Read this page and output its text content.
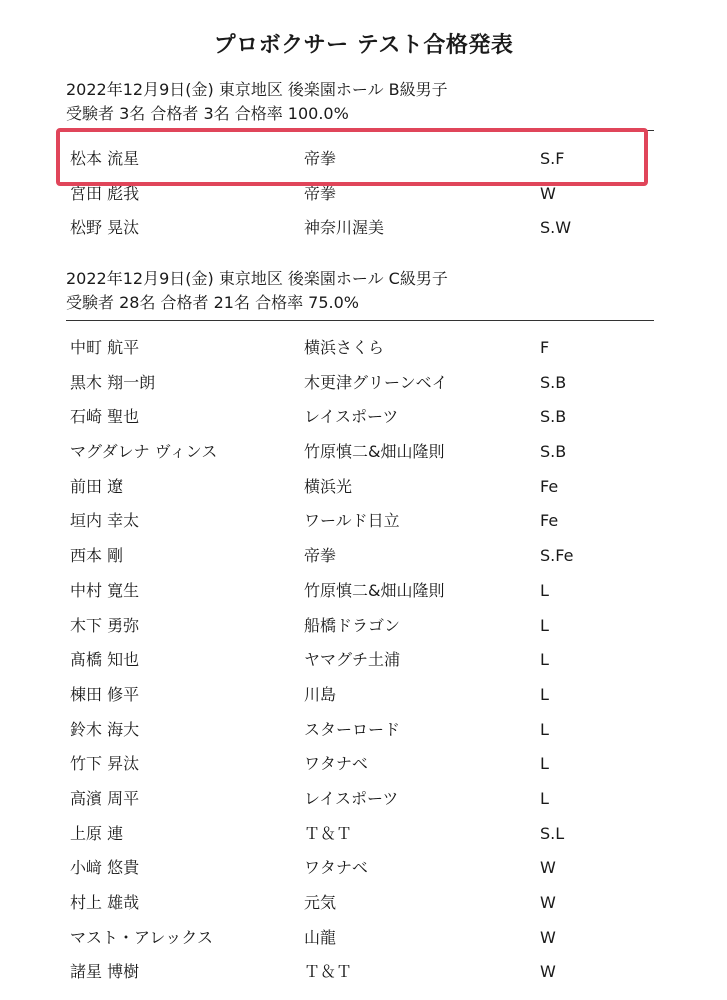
プロボクサー テスト合格発表
2022年12月9日(金) 東京地区 後楽園ホール B級男子
受験者 3名 合格者 3名 合格率 100.0%
松本 流星	帝拳	S.F
宮田 彪我	帝拳	W
松野 晃汰	神奈川渥美	S.W
2022年12月9日(金) 東京地区 後楽園ホール C級男子
受験者 28名 合格者 21名 合格率 75.0%
中町 航平	横浜さくら	F
黒木 翔一朗	木更津グリーンベイ	S.B
石崎 聖也	レイスポーツ	S.B
マグダレナ ヴィンス	竹原慎二&畑山隆則	S.B
前田 遼	横浜光	Fe
垣内 幸太	ワールド日立	Fe
西本 剛	帝拳	S.Fe
中村 寛生	竹原慎二&畑山隆則	L
木下 勇弥	船橋ドラゴン	L
髙橋 知也	ヤマグチ土浦	L
棟田 修平	川島	L
鈴木 海大	スターロード	L
竹下 昇汰	ワタナベ	L
高濱 周平	レイスポーツ	L
上原 連	Ｔ＆Ｔ	S.L
小﨑 悠貴	ワタナベ	W
村上 雄哉	元気	W
マスト・アレックス	山龍	W
諸星 博樹	Ｔ＆Ｔ	W
